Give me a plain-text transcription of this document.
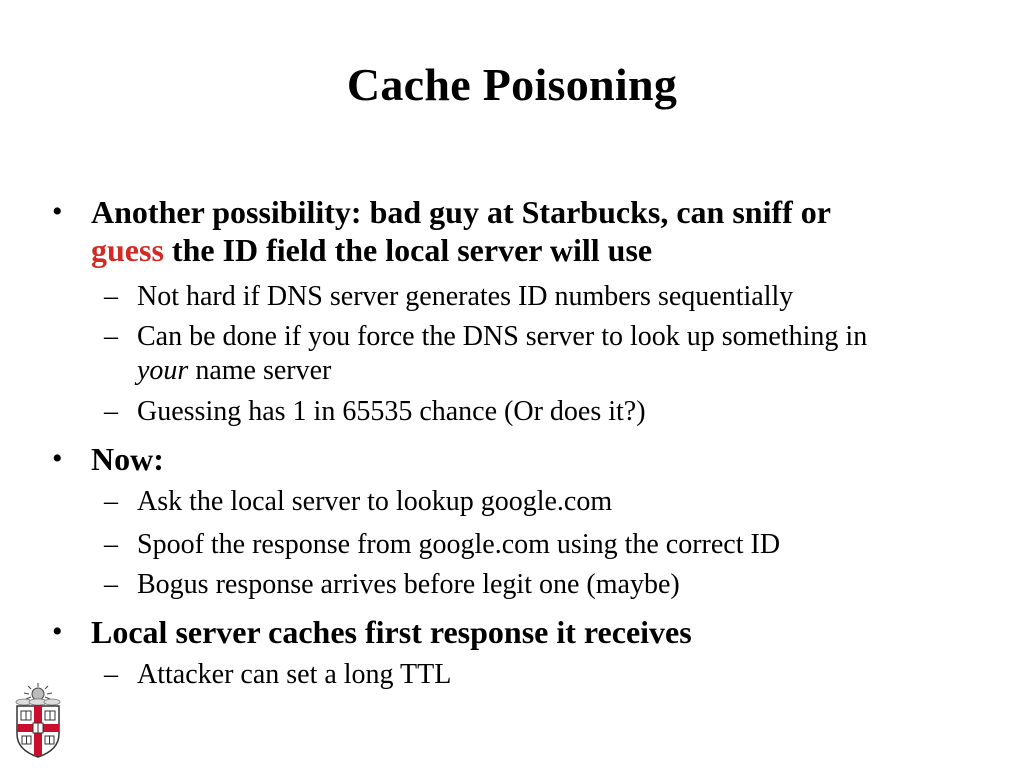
Cache Poisoning
• Another possibility: bad guy at Starbucks, can sniff or
guess the ID field the local server will use
– Not hard if DNS server generates ID numbers sequentially
– Can be done if you force the DNS server to look up something in
your name server
– Guessing has 1 in 65535 chance (Or does it?)
• Now:
– Ask the local server to lookup google.com
– Spoof the response from google.com using the correct ID
– Bogus response arrives before legit one (maybe)
• Local server caches first response it receives
– Attacker can set a long TTL
